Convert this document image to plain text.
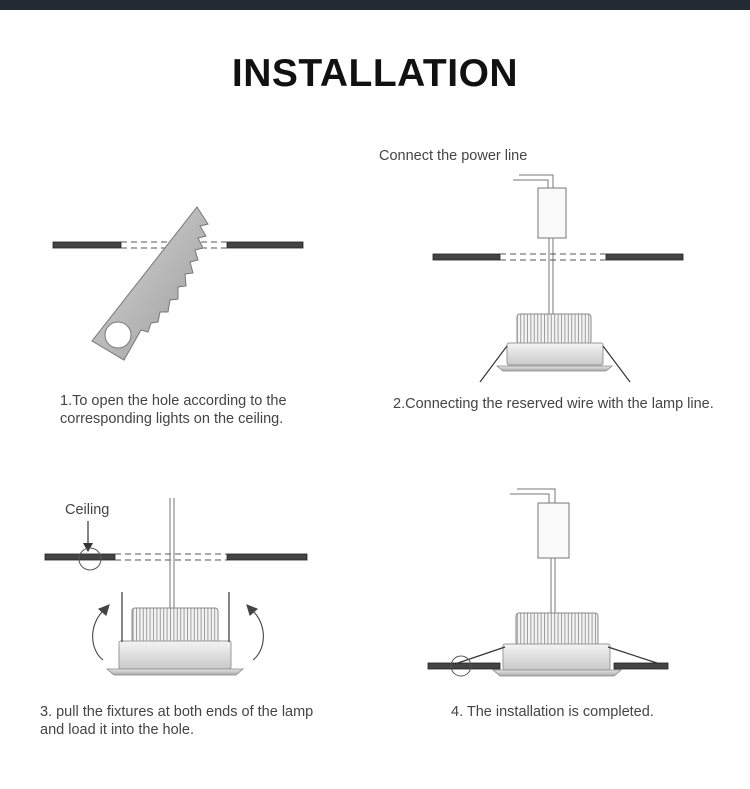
INSTALLATION
1.To open the hole according to the
corresponding lights on the ceiling.
Connect the power line
2.Connecting the reserved wire with the lamp line.
Ceiling
3. pull the fixtures at both ends of the lamp
and load it into the hole.
4. The installation is completed.
